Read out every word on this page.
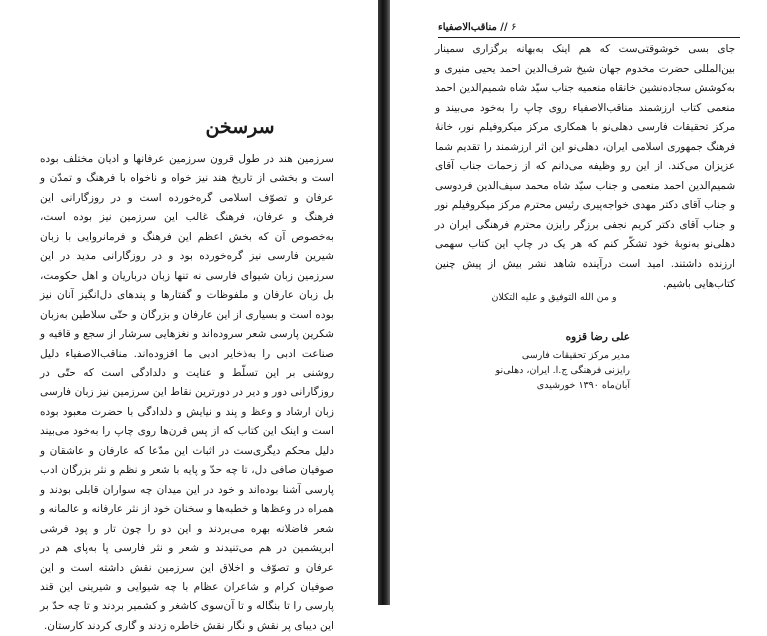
سرسخن

سرزمین هند در طول قرون سرزمین عرفانها و ادیان مختلف بوده است و بخشی از تاریخ هند نیز خواه و ناخواه با فرهنگ و تمدّن و عرفان و تصوّف اسلامی گره‌خورده است و در روزگارانی این فرهنگ و عرفان، فرهنگ غالب این سرزمین نیز بوده است، به‌خصوص آن که بخش اعظم این فرهنگ و فرمانروایی با زبان شیرین فارسی نیز گره‌خورده بود و در روزگارانی مدید در این سرزمین زبان شیوای فارسی نه تنها زبان درباریان و اهل حکومت، بل زبان عارفان و ملفوظات و گفتارها و پندهای دل‌انگیز آنان نیز بوده است و بسیاری از این عارفان و بزرگان و حتّی سلاطین به‌زبان شکرین پارسی شعر سروده‌اند و نغزهایی سرشار از سجع و قافیه و صناعت ادبی را به‌ذخایر ادبی ما افزوده‌اند. مناقب‌الاصفیاء دلیل روشنی بر این تسلّط و عنایت و دلدادگی است که حتّی در روزگارانی دور و دیر در دورترین نقاط این سرزمین نیز زبان فارسی زبان ارشاد و وعظ و پند و نیایش و دلدادگی با حضرت معبود بوده است و اینک این کتاب که از پس قرن‌ها روی چاپ را به‌خود می‌بیند دلیل محکم دیگری‌ست در اثبات این مدّعا که عارفان و عاشقان و صوفیان صافی دل، تا چه حدّ و پایه با شعر و نظم و نثر بزرگان ادب پارسی آشنا بوده‌اند و خود در این میدان چه سواران قابلی بودند و همراه در وعظ‌ها و خطبه‌ها و سخنان خود از نثر عارفانه و عالمانه و شعر فاضلانه بهره می‌بردند و این دو را چون تار و پود فرشی ابریشمین در هم می‌تنیدند و شعر و نثر فارسی پا به‌پای هم در عرفان و تصوّف و اخلاق این سرزمین نقش داشته است و این صوفیان کرام و شاعران عظام با چه شیوایی و شیرینی این قند پارسی را تا بنگاله و تا آن‌سوی کاشغر و کشمیر بردند و تا چه حدّ بر این دیبای پر نقش و نگار نقش خاطره زدند و گاری کردند کارستان.

۶ // مناقب‌الاصفیاء

جای بسی خوشوقتی‌ست که هم اینک به‌بهانه برگزاری سمینار بین‌المللی حضرت مخدوم جهان شیخ شرف‌الدین احمد یحیی منیری و به‌کوشش سجاده‌نشین خانقاه منعمیه جناب سیّد شاه شمیم‌الدین احمد منعمی کتاب ارزشمند مناقب‌الاصفیاء روی چاپ را به‌خود می‌بیند و مرکز تحقیقات فارسی دهلی‌نو با همکاری مرکز میکروفیلم نور، خانهٔ فرهنگ جمهوری اسلامی ایران، دهلی‌نو این اثر ارزشمند را تقدیم شما عزیزان می‌کند. از این رو وظیفه می‌دانم که از زحمات جناب آقای شمیم‌الدین احمد منعمی و جناب سیّد شاه محمد سیف‌الدین فردوسی و جناب آقای دکتر مهدی خواجه‌پیری رئیس محترم مرکز میکروفیلم نور و جناب آقای دکتر کریم نجفی برزگر رایزن محترم فرهنگی ایران در دهلی‌نو به‌نوبهٔ خود تشکّر کنم که هر یک در چاپ این کتاب سهمی ارزنده داشتند. امید است درآینده شاهد نشر بیش از پیش چنین کتاب‌هایی باشیم.

و من الله التوفیق و علیه التکلان
علی رضا قزوه
مدیر مرکز تحقیقات فارسی
رایزنی فرهنگی ج.ا. ایران، دهلی‌نو
آبان‌ماه ۱۳۹۰ خورشیدی
